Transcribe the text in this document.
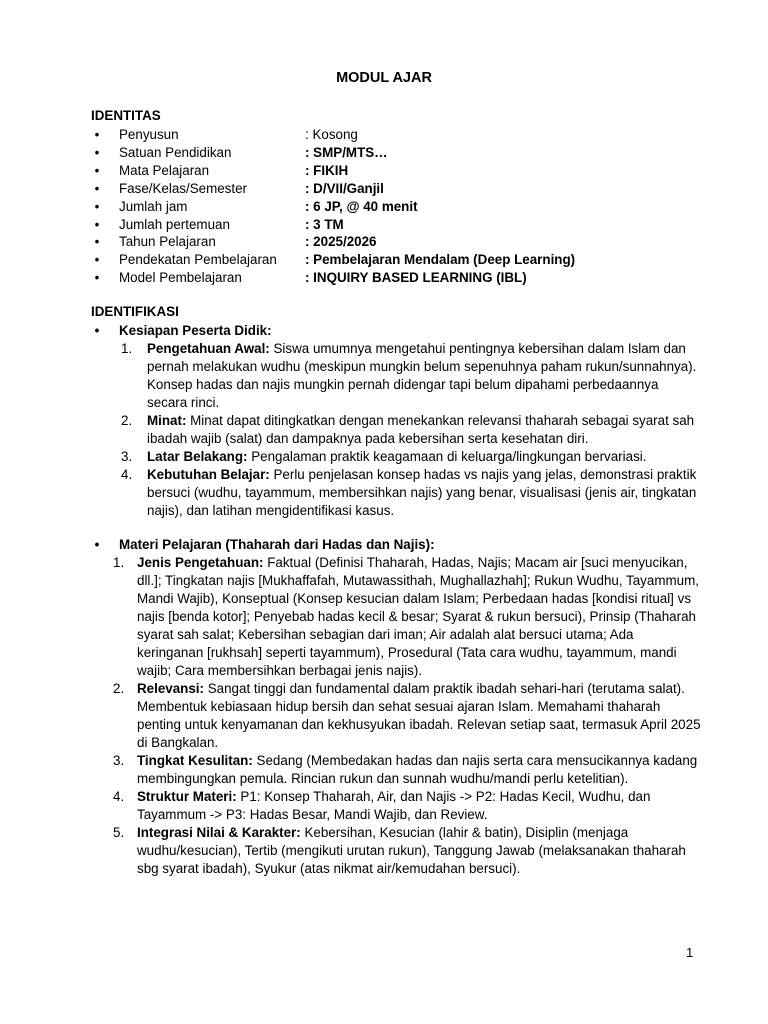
MODUL AJAR
IDENTITAS
• Penyusun	: Kosong
• Satuan Pendidikan	: SMP/MTS…
• Mata Pelajaran	: FIKIH
• Fase/Kelas/Semester	: D/VII/Ganjil
• Jumlah jam	: 6 JP, @ 40 menit
• Jumlah pertemuan	: 3 TM
• Tahun Pelajaran	: 2025/2026
• Pendekatan Pembelajaran : Pembelajaran Mendalam (Deep Learning)
• Model Pembelajaran	: INQUIRY BASED LEARNING (IBL)
IDENTIFIKASI
• Kesiapan Peserta Didik:
1. Pengetahuan Awal: Siswa umumnya mengetahui pentingnya kebersihan dalam Islam dan pernah melakukan wudhu (meskipun mungkin belum sepenuhnya paham rukun/sunnahnya). Konsep hadas dan najis mungkin pernah didengar tapi belum dipahami perbedaannya secara rinci.
2. Minat: Minat dapat ditingkatkan dengan menekankan relevansi thaharah sebagai syarat sah ibadah wajib (salat) dan dampaknya pada kebersihan serta kesehatan diri.
3. Latar Belakang: Pengalaman praktik keagamaan di keluarga/lingkungan bervariasi.
4. Kebutuhan Belajar: Perlu penjelasan konsep hadas vs najis yang jelas, demonstrasi praktik bersuci (wudhu, tayammum, membersihkan najis) yang benar, visualisasi (jenis air, tingkatan najis), dan latihan mengidentifikasi kasus.
• Materi Pelajaran (Thaharah dari Hadas dan Najis):
1. Jenis Pengetahuan: Faktual (Definisi Thaharah, Hadas, Najis; Macam air [suci menyucikan, dll.]; Tingkatan najis [Mukhaffafah, Mutawassithah, Mughallazhah]; Rukun Wudhu, Tayammum, Mandi Wajib), Konseptual (Konsep kesucian dalam Islam; Perbedaan hadas [kondisi ritual] vs najis [benda kotor]; Penyebab hadas kecil & besar; Syarat & rukun bersuci), Prinsip (Thaharah syarat sah salat; Kebersihan sebagian dari iman; Air adalah alat bersuci utama; Ada keringanan [rukhsah] seperti tayammum), Prosedural (Tata cara wudhu, tayammum, mandi wajib; Cara membersihkan berbagai jenis najis).
2. Relevansi: Sangat tinggi dan fundamental dalam praktik ibadah sehari-hari (terutama salat). Membentuk kebiasaan hidup bersih dan sehat sesuai ajaran Islam. Memahami thaharah penting untuk kenyamanan dan kekhusyukan ibadah. Relevan setiap saat, termasuk April 2025 di Bangkalan.
3. Tingkat Kesulitan: Sedang (Membedakan hadas dan najis serta cara mensucikannya kadang membingungkan pemula. Rincian rukun dan sunnah wudhu/mandi perlu ketelitian).
4. Struktur Materi: P1: Konsep Thaharah, Air, dan Najis -> P2: Hadas Kecil, Wudhu, dan Tayammum -> P3: Hadas Besar, Mandi Wajib, dan Review.
5. Integrasi Nilai & Karakter: Kebersihan, Kesucian (lahir & batin), Disiplin (menjaga wudhu/kesucian), Tertib (mengikuti urutan rukun), Tanggung Jawab (melaksanakan thaharah sbg syarat ibadah), Syukur (atas nikmat air/kemudahan bersuci).
1
